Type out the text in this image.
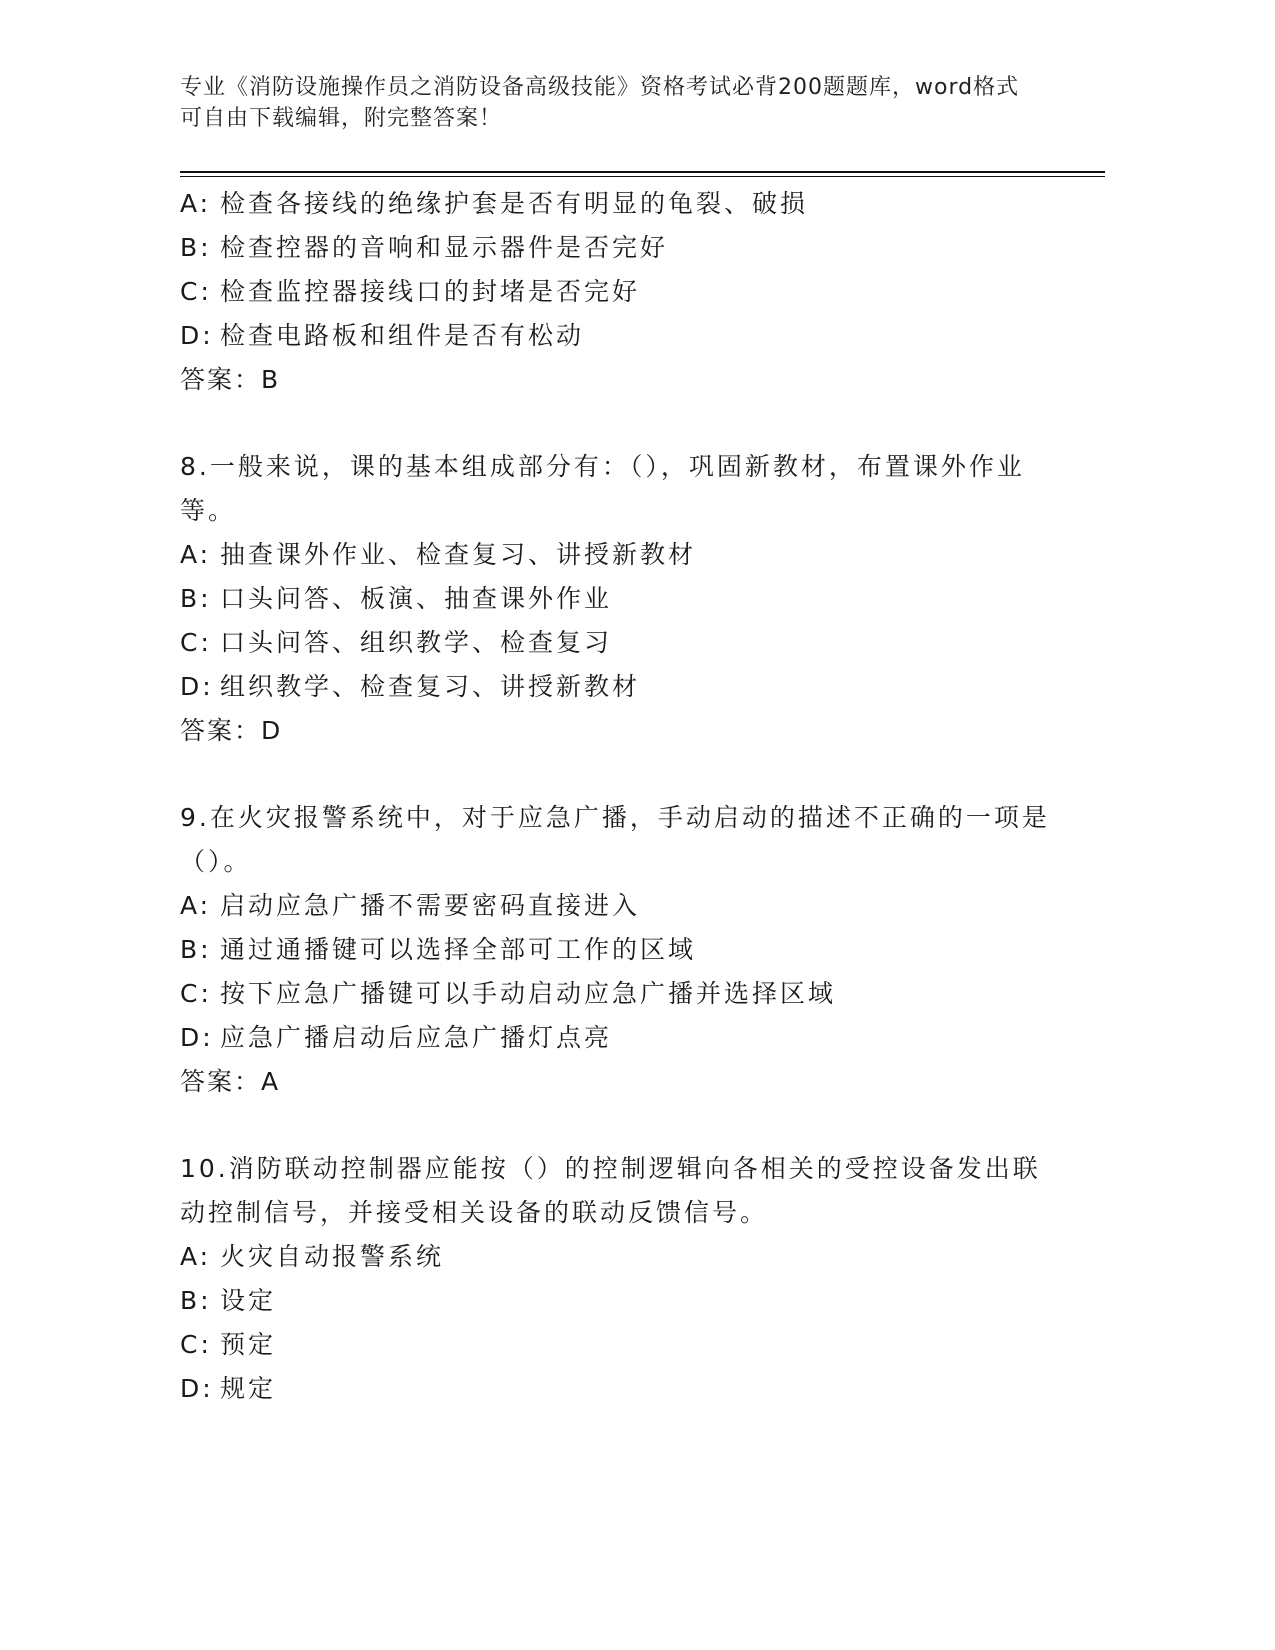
专业《消防设施操作员之消防设备高级技能》资格考试必背200题题库，word格式可自由下载编辑，附完整答案！
A: 检查各接线的绝缘护套是否有明显的龟裂、破损
B: 检查控器的音响和显示器件是否完好
C: 检查监控器接线口的封堵是否完好
D: 检查电路板和组件是否有松动
答案：B
8.一般来说，课的基本组成部分有：（），巩固新教材，布置课外作业等。
A: 抽查课外作业、检查复习、讲授新教材
B: 口头问答、板演、抽查课外作业
C: 口头问答、组织教学、检查复习
D: 组织教学、检查复习、讲授新教材
答案：D
9.在火灾报警系统中，对于应急广播，手动启动的描述不正确的一项是（）。
A: 启动应急广播不需要密码直接进入
B: 通过通播键可以选择全部可工作的区域
C: 按下应急广播键可以手动启动应急广播并选择区域
D: 应急广播启动后应急广播灯点亮
答案：A
10.消防联动控制器应能按（）的控制逻辑向各相关的受控设备发出联动控制信号，并接受相关设备的联动反馈信号。
A: 火灾自动报警系统
B: 设定
C: 预定
D: 规定
